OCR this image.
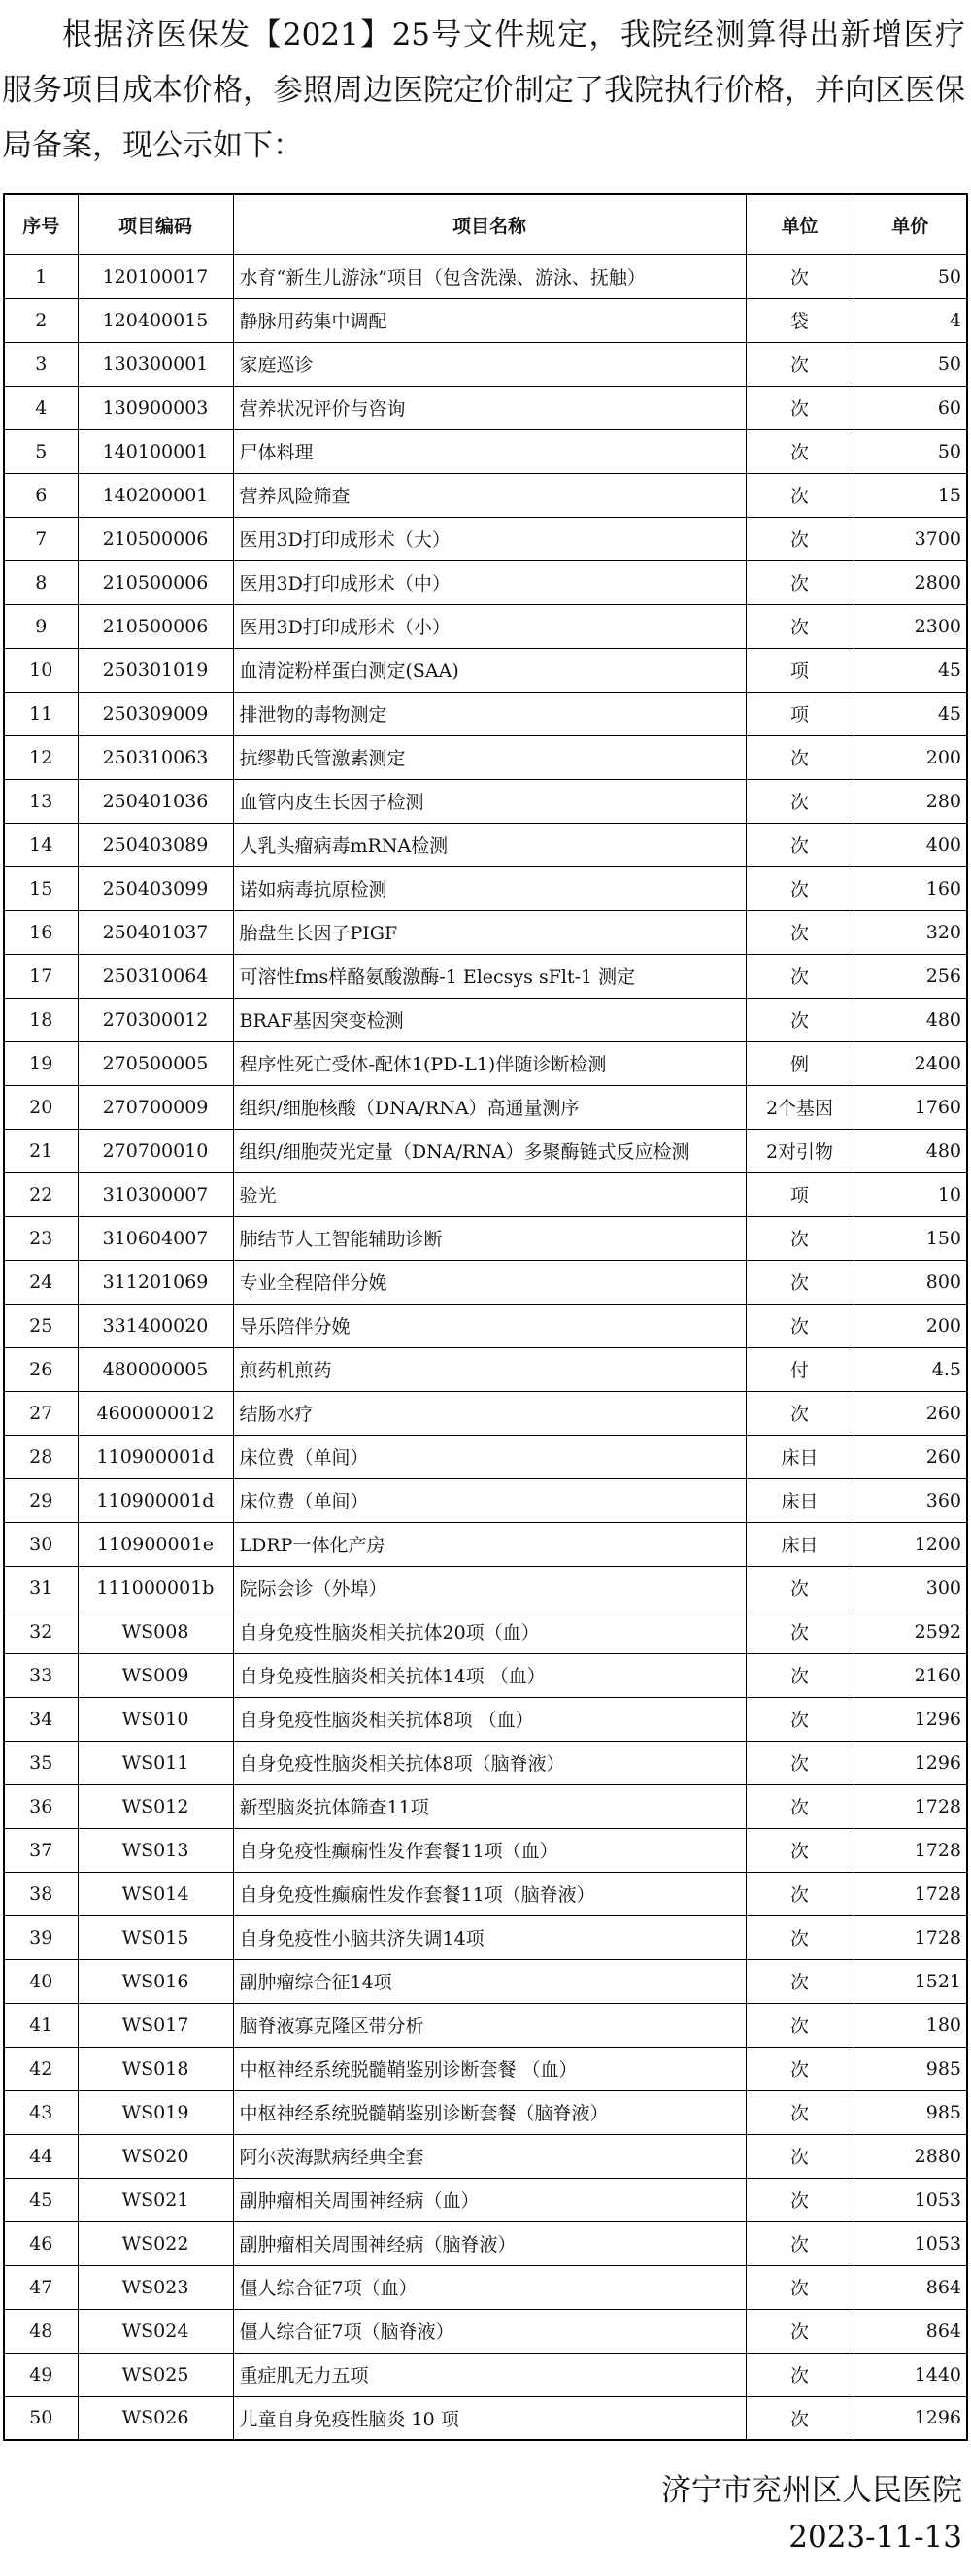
根据济医保发【2021】25号文件规定，我院经测算得出新增医疗
服务项目成本价格，参照周边医院定价制定了我院执行价格，并向区医保
局备案，现公示如下：
序号	项目编码	项目名称	单位	单价
1	120100017	水育“新生儿游泳”项目（包含洗澡、游泳、抚触）	次	50
2	120400015	静脉用药集中调配	袋	4
3	130300001	家庭巡诊	次	50
4	130900003	营养状况评价与咨询	次	60
5	140100001	尸体料理	次	50
6	140200001	营养风险筛查	次	15
7	210500006	医用3D打印成形术（大）	次	3700
8	210500006	医用3D打印成形术（中）	次	2800
9	210500006	医用3D打印成形术（小）	次	2300
10	250301019	血清淀粉样蛋白测定(SAA)	项	45
11	250309009	排泄物的毒物测定	项	45
12	250310063	抗缪勒氏管激素测定	次	200
13	250401036	血管内皮生长因子检测	次	280
14	250403089	人乳头瘤病毒mRNA检测	次	400
15	250403099	诺如病毒抗原检测	次	160
16	250401037	胎盘生长因子PIGF	次	320
17	250310064	可溶性fms样酪氨酸激酶-1 Elecsys sFlt-1 测定	次	256
18	270300012	BRAF基因突变检测	次	480
19	270500005	程序性死亡受体-配体1(PD-L1)伴随诊断检测	例	2400
20	270700009	组织/细胞核酸（DNA/RNA）高通量测序	2个基因	1760
21	270700010	组织/细胞荧光定量（DNA/RNA）多聚酶链式反应检测	2对引物	480
22	310300007	验光	项	10
23	310604007	肺结节人工智能辅助诊断	次	150
24	311201069	专业全程陪伴分娩	次	800
25	331400020	导乐陪伴分娩	次	200
26	480000005	煎药机煎药	付	4.5
27	4600000012	结肠水疗	次	260
28	110900001d	床位费（单间）	床日	260
29	110900001d	床位费（单间）	床日	360
30	110900001e	LDRP一体化产房	床日	1200
31	111000001b	院际会诊（外埠）	次	300
32	WS008	自身免疫性脑炎相关抗体20项（血）	次	2592
33	WS009	自身免疫性脑炎相关抗体14项 （血）	次	2160
34	WS010	自身免疫性脑炎相关抗体8项 （血）	次	1296
35	WS011	自身免疫性脑炎相关抗体8项（脑脊液）	次	1296
36	WS012	新型脑炎抗体筛查11项	次	1728
37	WS013	自身免疫性癫痫性发作套餐11项（血）	次	1728
38	WS014	自身免疫性癫痫性发作套餐11项（脑脊液）	次	1728
39	WS015	自身免疫性小脑共济失调14项	次	1728
40	WS016	副肿瘤综合征14项	次	1521
41	WS017	脑脊液寡克隆区带分析	次	180
42	WS018	中枢神经系统脱髓鞘鉴别诊断套餐 （血）	次	985
43	WS019	中枢神经系统脱髓鞘鉴别诊断套餐（脑脊液）	次	985
44	WS020	阿尔茨海默病经典全套	次	2880
45	WS021	副肿瘤相关周围神经病（血）	次	1053
46	WS022	副肿瘤相关周围神经病（脑脊液）	次	1053
47	WS023	僵人综合征7项（血）	次	864
48	WS024	僵人综合征7项（脑脊液）	次	864
49	WS025	重症肌无力五项	次	1440
50	WS026	儿童自身免疫性脑炎 10 项	次	1296
济宁市兖州区人民医院
2023-11-13
